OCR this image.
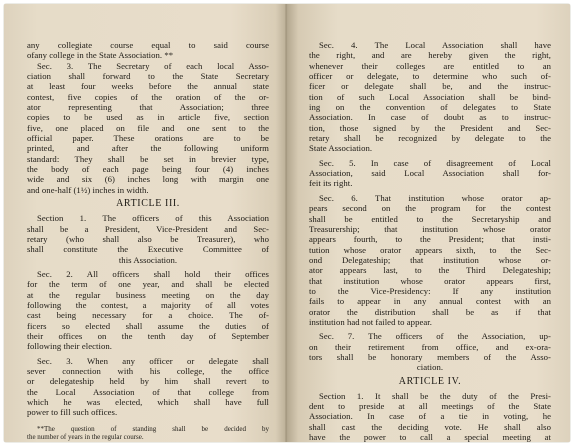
any collegiate course equal to said course
ofany college in the State Association. **
Sec. 3. The Secretary of each local Asso-
ciation shall forward to the State Secretary
at least four weeks before the annual state
contest, five copies of the oration of the or-
ator representing that Association; three
copies to be used as in article five, section
five, one placed on file and one sent to the
official paper. These orations are to be
printed, and after the following uniform
standard: They shall be set in brevier type,
the body of each page being four (4) inches
wide and six (6) inches long with margin one
and one-half (1½) inches in width.
ARTICLE III.
Section 1. The officers of this Association
shall be a President, Vice-President and Sec-
retary (who shall also be Treasurer), who
shall constitute the Executive Committee of
this Association.
Sec. 2. All officers shall hold their offices
for the term of one year, and shall be elected
at the regular business meeting on the day
following the contest, a majority of all votes
cast being necessary for a choice. The of-
ficers so elected shall assume the duties of
their offices on the tenth day of September
following their election.
Sec. 3. When any officer or delegate shall
sever connection with his college, the office
or delegateship held by him shall revert to
the Local Association of that college from
which he was elected, which shall have full
power to fill such offices.
**The question of standing shall be decided by
the number of years in the regular course.
Sec. 4. The Local Association shall have
the right, and are hereby given the right,
whenever their colleges are entitled to an
officer or delegate, to determine who such of-
ficer or delegate shall be, and the instruc-
tion of such Local Association shall be bind-
ing on the convention of delegates to State
Association. In case of doubt as to instruc-
tion, those signed by the President and Sec-
retary shall be recognized by delegate to the
State Association.
Sec. 5. In case of disagreement of Local
Association, said Local Association shall for-
feit its right.
Sec. 6. That institution whose orator ap-
pears second on the program for the contest
shall be entitled to the Secretaryship and
Treasurership; that institution whose orator
appears fourth, to the President; that insti-
tution whose orator appears sixth, to the Sec-
ond Delegateship; that institution whose or-
ator appears last, to the Third Delegateship;
that institution whose orator appears first,
to the Vice-Presidency: If any institution
fails to appear in any annual contest with an
orator the distribution shall be as if that
institution had not failed to appear.
Sec. 7. The officers of the Association, up-
on their retirement from office, and ex-ora-
tors shall be honorary members of the Asso-
ciation.
ARTICLE IV.
Section 1. It shall be the duty of the Presi-
dent to preside at all meetings of the State
Association. In case of a tie in voting, he
shall cast the deciding vote. He shall also
have the power to call a special meeting at
